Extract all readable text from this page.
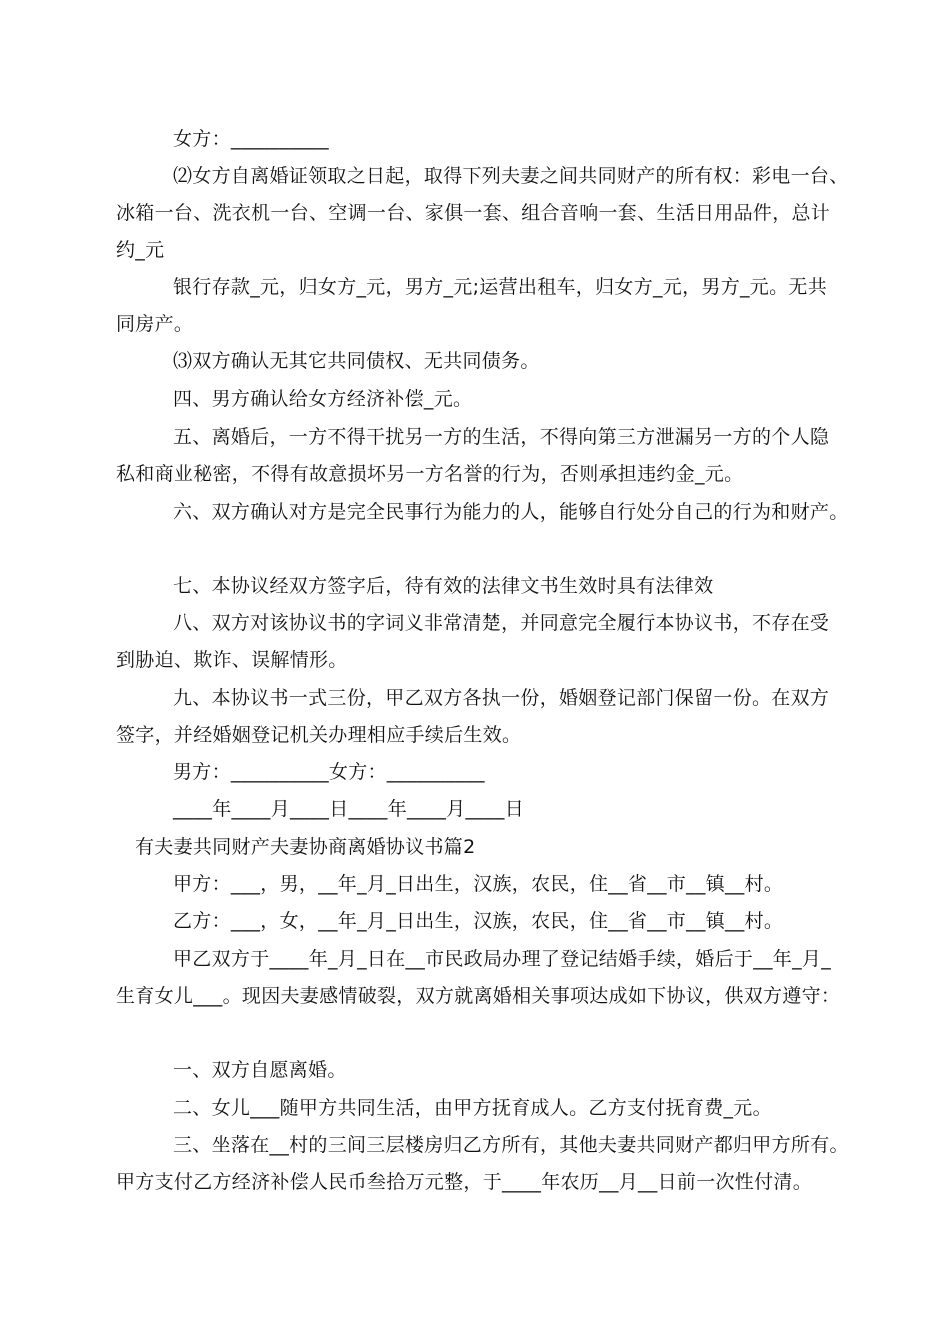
女方：__________
⑵女方自离婚证领取之日起，取得下列夫妻之间共同财产的所有权：彩电一台、
冰箱一台、洗衣机一台、空调一台、家俱一套、组合音响一套、生活日用品件，总计
约_元
银行存款_元，归女方_元，男方_元;运营出租车，归女方_元，男方_元。无共
同房产。
⑶双方确认无其它共同债权、无共同债务。
四、男方确认给女方经济补偿_元。
五、离婚后，一方不得干扰另一方的生活，不得向第三方泄漏另一方的个人隐
私和商业秘密，不得有故意损坏另一方名誉的行为，否则承担违约金_元。
六、双方确认对方是完全民事行为能力的人，能够自行处分自己的行为和财产。
七、本协议经双方签字后，待有效的法律文书生效时具有法律效
八、双方对该协议书的字词义非常清楚，并同意完全履行本协议书，不存在受
到胁迫、欺诈、误解情形。
九、本协议书一式三份，甲乙双方各执一份，婚姻登记部门保留一份。在双方
签字，并经婚姻登记机关办理相应手续后生效。
男方：__________女方：__________
____年____月____日____年____月____日
有夫妻共同财产夫妻协商离婚协议书篇2
甲方：___，男，__年_月_日出生，汉族，农民，住__省__市__镇__村。
乙方：___，女，__年_月_日出生，汉族，农民，住__省__市__镇__村。
甲乙双方于____年_月_日在__市民政局办理了登记结婚手续，婚后于__年_月_
生育女儿___。现因夫妻感情破裂，双方就离婚相关事项达成如下协议，供双方遵守：
一、双方自愿离婚。
二、女儿___随甲方共同生活，由甲方抚育成人。乙方支付抚育费_元。
三、坐落在__村的三间三层楼房归乙方所有，其他夫妻共同财产都归甲方所有。
甲方支付乙方经济补偿人民币叁拾万元整，于____年农历__月__日前一次性付清。
